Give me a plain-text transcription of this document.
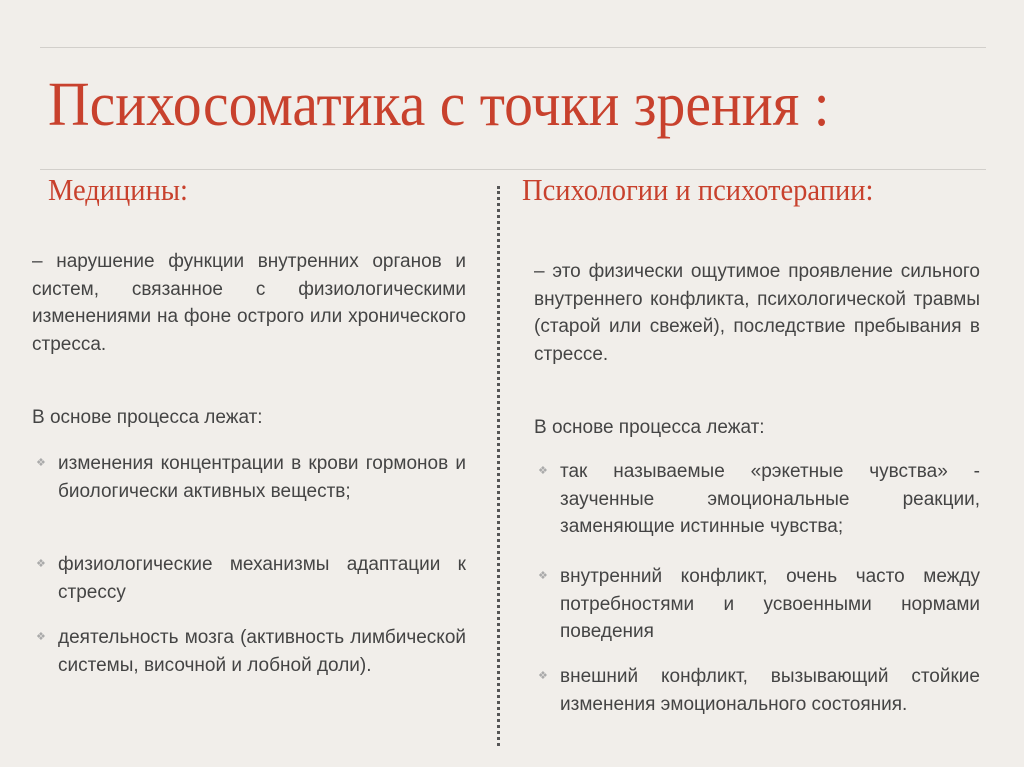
Психосоматика с точки зрения :
Медицины:	Психологии и психотерапии:

– нарушение функции внутренних органов и систем, связанное с физиологическими изменениями на фоне острого или хронического стресса.

В основе процесса лежат:

❖ изменения концентрации в крови гормонов и биологически активных веществ;
❖ физиологические механизмы адаптации к стрессу
❖ деятельность мозга (активность лимбической системы, височной и лобной доли).

– это физически ощутимое проявление сильного внутреннего конфликта, психологической травмы (старой или свежей), последствие пребывания в стрессе.

В основе процесса лежат:

❖ так называемые «рэкетные чувства» - заученные эмоциональные реакции, заменяющие истинные чувства;
❖ внутренний конфликт, очень часто между потребностями и усвоенными нормами поведения
❖ внешний конфликт, вызывающий стойкие изменения эмоционального состояния.
